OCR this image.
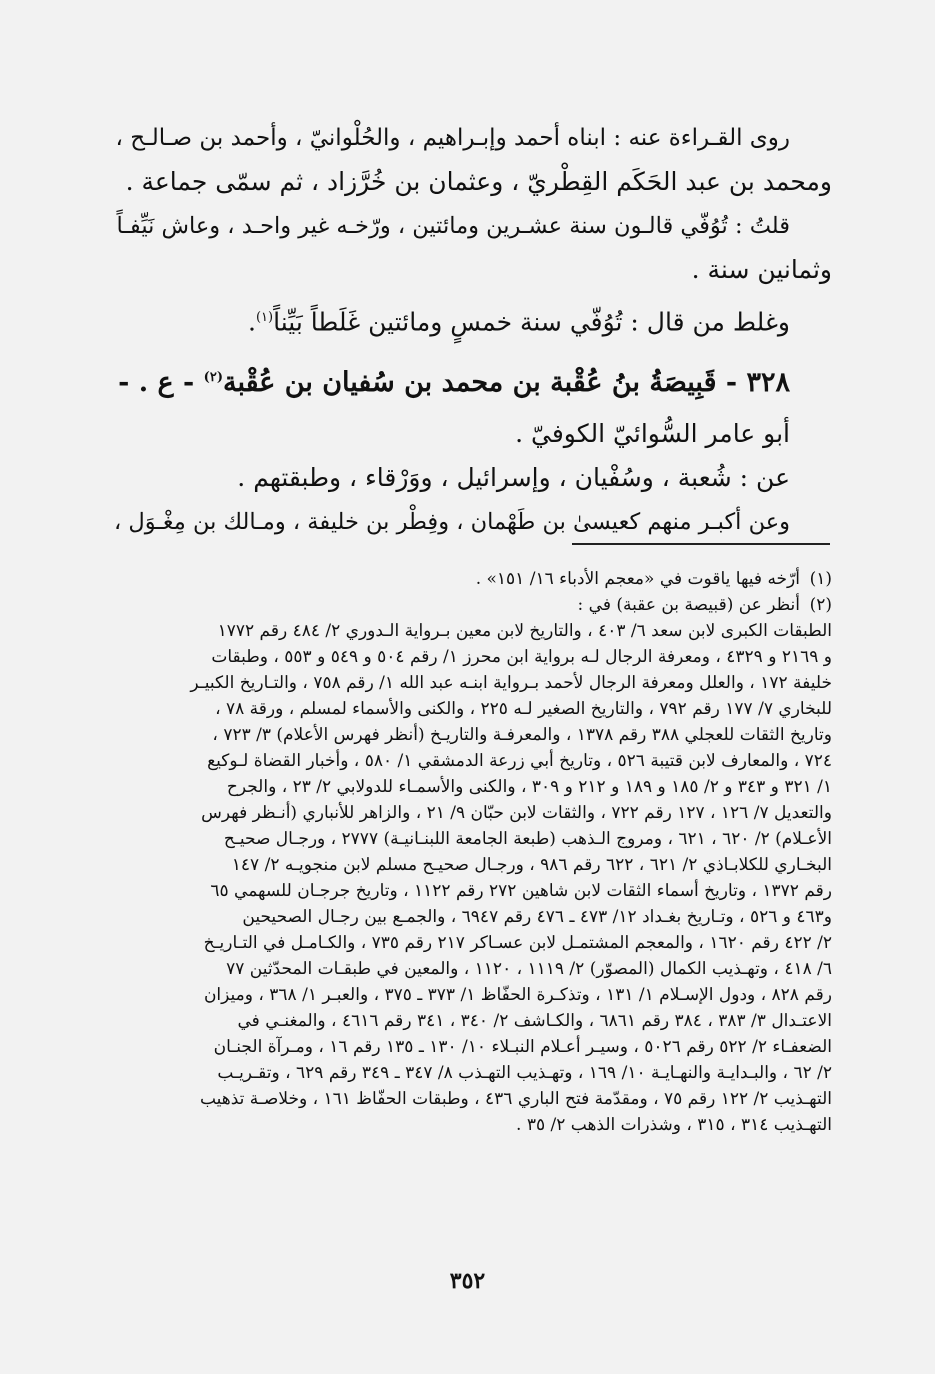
روى القـراءة عنه : ابناه أحمد وإبـراهيم ، والحُلْوانيّ ، وأحمد بن صـالـح ،
ومحمد بن عبد الحَكَم القِطْريّ ، وعثمان بن خُرَّزاد ، ثم سمّى جماعة .
قلتُ : تُوُفّي قالـون سنة عشـرين ومائتين ، ورّخـه غير واحـد ، وعاش نَيِّفـاً
وثمانين سنة .
وغلط من قال : تُوُفّي سنة خمسٍ ومائتين غَلَطاً بَيِّناً$^{(١)}$.
٣٢٨ - قَبِيصَةُ بنُ عُقْبة بن محمد بن سُفيان بن عُقْبة$^{(٢)}$ - ع . -
أبو عامر السُّوائيّ الكوفيّ .
عن : شُعبة ، وسُفْيان ، وإسرائيل ، ووَرْقاء ، وطبقتهم .
وعن أكبـر منهم كعيسىٰ بن طَهْمان ، وفِطْر بن خليفة ، ومـالك بن مِغْـوَل ،
(١)أرّخه فيها ياقوت في «معجم الأدباء ١٦/ ١٥١» .
(٢)أنظر عن (قبيصة بن عقبة) في :
الطبقات الكبرى لابن سعد ٦/ ٤٠٣ ، والتاريخ لابن معين بـرواية الـدوري ٢/ ٤٨٤ رقم ١٧٧٢
و ٢١٦٩ و ٤٣٢٩ ، ومعرفة الرجال لـه برواية ابن محرز ١/ رقم ٥٠٤ و ٥٤٩ و ٥٥٣ ، وطبقات
خليفة ١٧٢ ، والعلل ومعرفة الرجال لأحمد بـرواية ابنـه عبد الله ١/ رقم ٧٥٨ ، والتـاريخ الكبيـر
للبخاري ٧/ ١٧٧ رقم ٧٩٢ ، والتاريخ الصغير لـه ٢٢٥ ، والكنى والأسماء لمسلم ، ورقة ٧٨ ،
وتاريخ الثقات للعجلي ٣٨٨ رقم ١٣٧٨ ، والمعرفـة والتاريـخ (أنظر فهرس الأعلام) ٣/ ٧٢٣ ،
٧٢٤ ، والمعارف لابن قتيبة ٥٢٦ ، وتاريخ أبي زرعة الدمشقي ١/ ٥٨٠ ، وأخبار القضاة لـوكيع
١/ ٣٢١ و ٣٤٣ و ٢/ ١٨٥ و ١٨٩ و ٢١٢ و ٣٠٩ ، والكنى والأسمـاء للدولابي ٢/ ٢٣ ، والجرح
والتعديل ٧/ ١٢٦ ، ١٢٧ رقم ٧٢٢ ، والثقات لابن حبّان ٩/ ٢١ ، والزاهر للأنباري (أنـظر فهرس
الأعـلام) ٢/ ٦٢٠ ، ٦٢١ ، ومروج الـذهب (طبعة الجامعة اللبنـانيـة) ٢٧٧٧ ، ورجـال صحيـح
البخـاري للكلابـاذي ٢/ ٦٢١ ، ٦٢٢ رقم ٩٨٦ ، ورجـال صحيـح مسلم لابن منجويـه ٢/ ١٤٧
رقم ١٣٧٢ ، وتاريخ أسماء الثقات لابن شاهين ٢٧٢ رقم ١١٢٢ ، وتاريخ جرجـان للسهمي ٦٥
و٤٦٣ و ٥٢٦ ، وتـاريخ بغـداد ١٢/ ٤٧٣ ـ ٤٧٦ رقم ٦٩٤٧ ، والجمـع بين رجـال الصحيحين
٢/ ٤٢٢ رقم ١٦٢٠ ، والمعجم المشتمـل لابن عسـاكر ٢١٧ رقم ٧٣٥ ، والكـامـل في التـاريـخ
٦/ ٤١٨ ، وتهـذيب الكمال (المصوّر) ٢/ ١١١٩ ، ١١٢٠ ، والمعين في طبقـات المحدّثين ٧٧
رقم ٨٢٨ ، ودول الإسـلام ١/ ١٣١ ، وتذكـرة الحفّاظ ١/ ٣٧٣ ـ ٣٧٥ ، والعبـر ١/ ٣٦٨ ، وميزان
الاعتـدال ٣/ ٣٨٣ ، ٣٨٤ رقم ٦٨٦١ ، والكـاشف ٢/ ٣٤٠ ، ٣٤١ رقم ٤٦١٦ ، والمغنـي في
الضعفـاء ٢/ ٥٢٢ رقم ٥٠٢٦ ، وسيـر أعـلام النبـلاء ١٠/ ١٣٠ ـ ١٣٥ رقم ١٦ ، ومـرآة الجنـان
٢/ ٦٢ ، والبـدايـة والنهـايـة ١٠/ ١٦٩ ، وتهـذيب التهـذب ٨/ ٣٤٧ ـ ٣٤٩ رقم ٦٢٩ ، وتقـريـب
التهـذيب ٢/ ١٢٢ رقم ٧٥ ، ومقدّمة فتح الباري ٤٣٦ ، وطبقات الحفّاظ ١٦١ ، وخلاصـة تذهيب
التهـذيب ٣١٤ ، ٣١٥ ، وشذرات الذهب ٢/ ٣٥ .
٣٥٢
